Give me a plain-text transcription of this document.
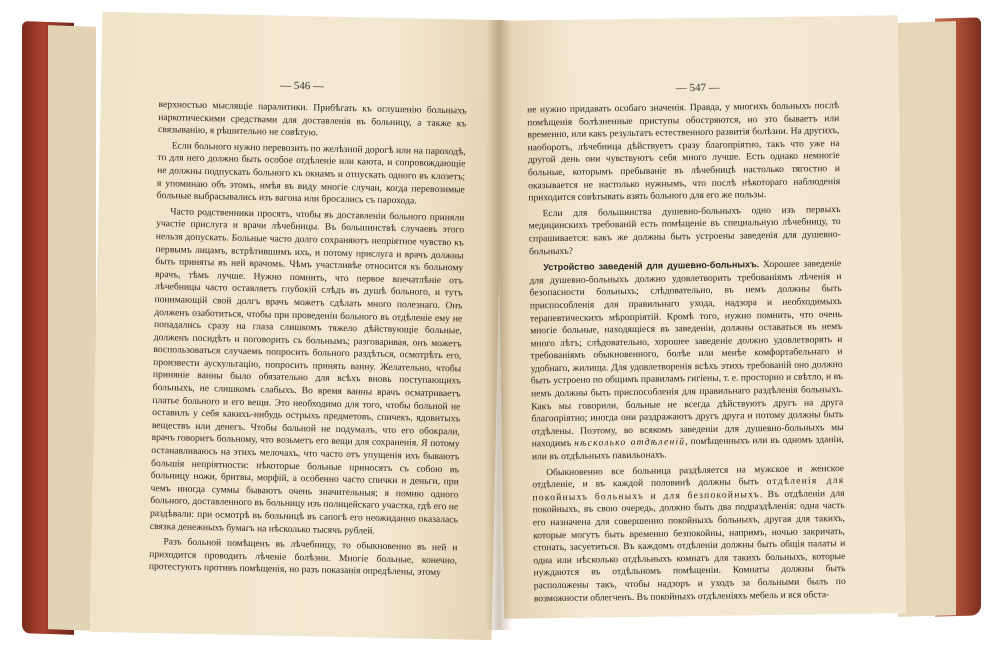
— 546 —

верхностью мыслящіе паралитики. Прибѣгать къ оглушенію больныхъ наркотическими средствами для доставленія въ больницу, а также къ связыванію, я рѣшительно не совѣтую.

Если больного нужно перевозить по желѣзной дорогѣ или на пароходѣ, то для него должно быть особое отдѣленіе или каюта, и сопровождающіе не должны подпускать больного къ окнамъ и отпускать одного въ клозетъ; я упоминаю объ этомъ, имѣя въ виду многіе случаи, когда перевозимые больные выбрасывались изъ вагона или бросались съ парохода.

Часто родственники просятъ, чтобы въ доставленіи больного приняли участіе прислуга и врачи лѣчебницы. Въ большинствѣ случаевъ этого нельзя допускать. Больные часто долго сохраняютъ непріятное чувство къ первымъ лицамъ, встрѣтившимъ ихъ, и потому прислуга и врачъ должны быть приняты въ ней врачомъ. Чѣмъ участливѣе относится къ больному врачъ, тѣмъ лучше. Нужно помнить, что первое впечатлѣніе отъ лѣчебницы часто оставляетъ глубокій слѣдъ въ душѣ больного, и тутъ понимающій свой долгъ врачъ можетъ сдѣлать много полезнаго. Онъ долженъ озаботиться, чтобы при проведеніи больного въ отдѣленіе ему не попадались сразу на глаза слишкомъ тяжело дѣйствующіе больные, долженъ посидѣть и поговорить съ больнымъ; разговаривая, онъ можетъ воспользоваться случаемъ попросить больного раздѣться, осмотрѣть его, произвести аускультацію, попросить принять ванну. Желательно, чтобы приняніе ванны было обязательно для всѣхъ вновь поступающихъ больныхъ, не слишкомъ слабыхъ. Во время ванны врачъ осматриваетъ платье больного и его вещи. Это необходимо для того, чтобы больной не оставилъ у себя какихъ-нибудь острыхъ предметовъ, спичекъ, ядовитыхъ веществъ или денегъ. Чтобы больной не подумалъ, что его обокрали, врачъ говоритъ больному, что возьметъ его вещи для сохраненія. Я потому останавливаюсь на этихъ мелочахъ, что часто отъ упущенія ихъ бываютъ большія непріятности: нѣкоторые больные приносятъ съ собою въ больницу ножи, бритвы, морфій, а особенно часто спички и деньги, при чемъ иногда суммы бываютъ очень значительныя; я помню одного больного, доставленного въ больницу изъ полицейскаго участка, гдѣ его не раздѣвали: при осмотрѣ въ больницѣ въ сапогѣ его неожиданно оказалась связка денежныхъ бумагъ на нѣсколько тысячъ рублей.

Разъ больной помѣщенъ въ лѣчебницу, то обыкновенно въ ней и приходится проводить лѣченіе болѣзни. Многіе больные, конечно, протестуютъ противъ помѣщенія, но разъ показанія опредѣлены, этому

— 547 —

не нужно придавать особаго значенія. Правда, у многихъ больныхъ послѣ помѣщенія болѣзненные приступы обостряются, но это бываетъ или временно, или какъ результатъ естественного развитія болѣзни. На другихъ, наоборотъ, лѣчебница дѣйствуетъ сразу благопріятно, такъ что уже на другой день они чувствуютъ себя много лучше. Есть однако немногіе больные, которымъ пребываніе въ лѣчебницѣ настолько тягостно и оказывается не настолько нужнымъ, что послѣ нѣкотораго наблюденія приходится совѣтывать взять больного для его же пользы.

Если для большинства душевно-больныхъ одно изъ первыхъ медицинскихъ требованій есть помѣщеніе въ специальную лѣчебницу, то спрашивается: какъ же должны быть устроены заведенія для душевно-больныхъ?

Устройство заведеній для душевно-больныхъ. Хорошее заведеніе для душевно-больныхъ должно удовлетворить требованіямъ лѣченія и безопасности больныхъ; слѣдовательно, въ немъ должны быть приспособленія для правильнаго ухода, надзора и необходимыхъ терапевтическихъ мѣропріятій. Кромѣ того, нужно помнить, что очень многіе больные, находящіеся въ заведеніи, должны оставаться въ немъ много лѣтъ; слѣдовательно, хорошее заведеніе должно удовлетворять и требованіямъ обыкновенного, болѣе или менѣе комфортабельнаго и удобнаго, жилища. Для удовлетворенія всѣхъ этихъ требованій оно должно быть устроено по общимъ правиламъ гигіены, т. е. просторно и свѣтло, и въ немъ должны быть приспособленія для правильнаго раздѣленія больныхъ. Какъ мы говорили, больные не всегда дѣйствуютъ другъ на друга благопріятно; иногда они раздражаютъ другъ друга и потому должны быть отдѣлены. Поэтому, во всякомъ заведеніи для душевно-больныхъ мы находимъ нѣсколько отдѣленій, помѣщенныхъ или въ одномъ зданіи, или въ отдѣльныхъ павильонахъ.

Обыкновенно все больница раздѣляется на мужское и женское отдѣленіе, и въ каждой половинѣ должны быть отдѣленія для покойныхъ больныхъ и для безпокойныхъ. Въ отдѣленіи для покойныхъ, въ свою очередь, должно быть два подраздѣленія: одна часть его назначена для совершенно покойныхъ больныхъ, другая для такихъ, которые могутъ быть временно безпокойны, напримъ, ночью закричать, стонать, засуетиться. Въ каждомъ отдѣленіи должны быть общія палаты и одна или нѣсколько отдѣльныхъ комнатъ для такихъ больныхъ, которые нуждаются въ отдѣльномъ помѣщеніи. Комнаты должны быть расположены такъ, чтобы надзоръ и уходъ за больными былъ по возможности облегченъ. Въ покойныхъ отдѣленіяхъ мебель и вся обста-
